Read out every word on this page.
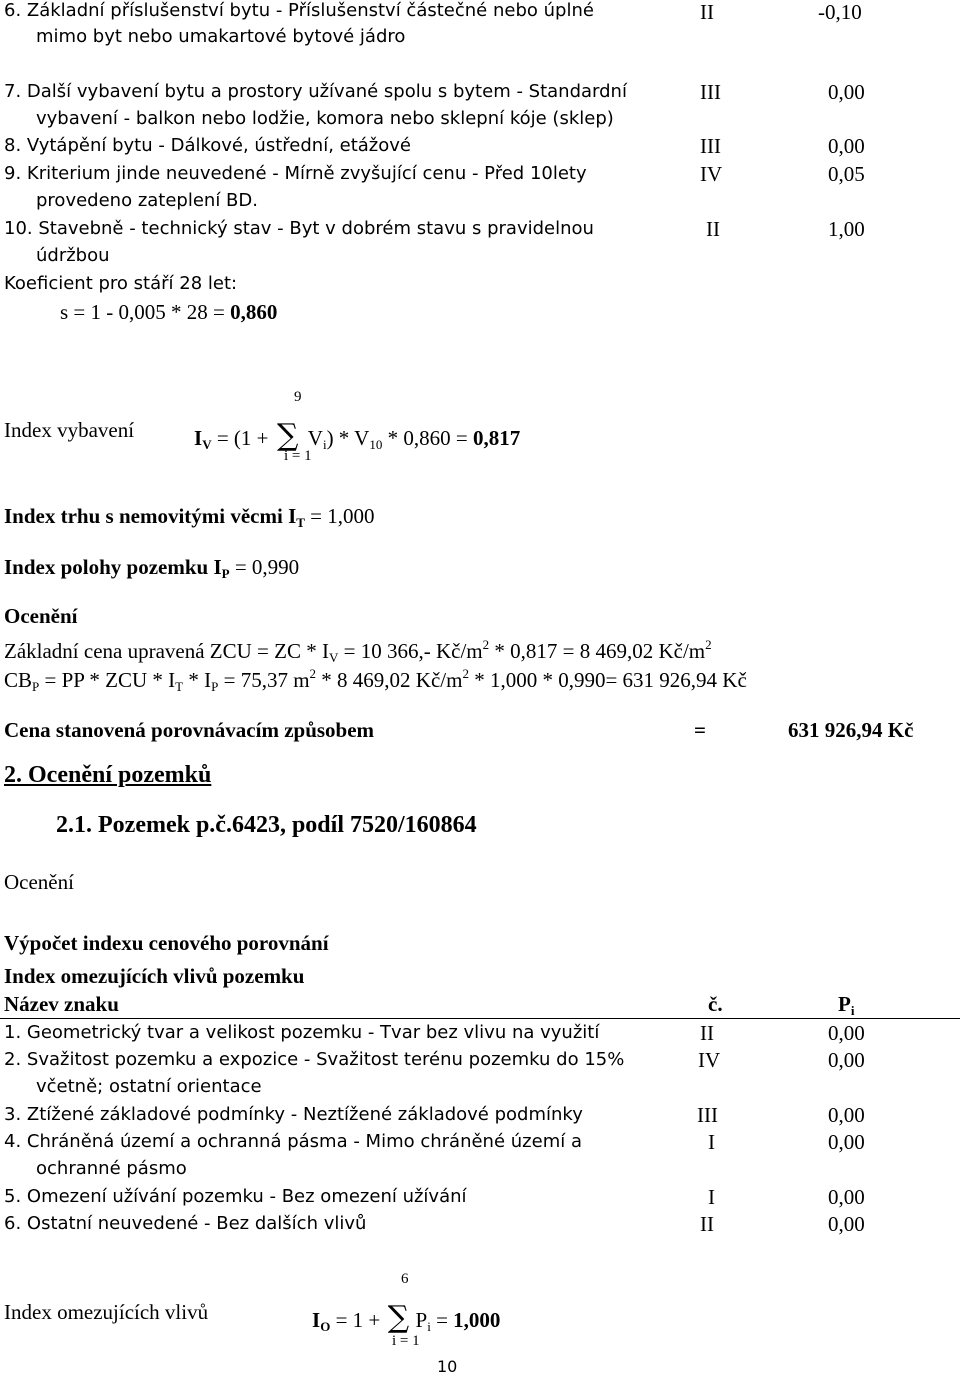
6. Základní příslušenství bytu - Příslušenství částečné nebo úplné
mimo byt nebo umakartové bytové jádro
II	-0,10
7. Další vybavení bytu a prostory užívané spolu s bytem - Standardní
vybavení - balkon nebo lodžie, komora nebo sklepní kóje (sklep)
III	0,00
8. Vytápění bytu - Dálkové, ústřední, etážové	III	0,00
9. Kriterium jinde neuvedené - Mírně zvyšující cenu - Před 10lety
provedeno zateplení BD.
IV	0,05
10. Stavebně - technický stav - Byt v dobrém stavu s pravidelnou
údržbou
II	1,00
Koeficient pro stáří 28 let:
s = 1 - 0,005 * 28 = 0,860
Index vybavení
9
i = 1
$I_V = (1$ + ∑ $V_i) * V_{10} * 0,860 = 0,817$
Index trhu s nemovitými věcmi $I_T = 1,000$
Index polohy pozemku $I_P = 0,990$
Ocenění
Základní cena upravená ZCU = ZC * $I_V = 10$ 366,- $Kč/m^2 * 0,817 = 8$ 469,02 $Kč/m^2$
$CB_P$ = PP * ZCU * $I_T * I_P = 75,37$ $m^2 * 8$ 469,02 $Kč/m^2 * 1,000 * 0,990= 631$ 926,94 Kč
Cena stanovená porovnávacím způsobem	=	631 926,94 Kč
2. Ocenění pozemků
2.1. Pozemek p.č.6423, podíl 7520/160864
Ocenění
Výpočet indexu cenového porovnání
Index omezujících vlivů pozemku
Název znaku	č.	$P_i$
1. Geometrický tvar a velikost pozemku - Tvar bez vlivu na využití	II	0,00
2. Svažitost pozemku a expozice - Svažitost terénu pozemku do 15%
včetně; ostatní orientace
IV	0,00
3. Ztížené základové podmínky - Neztížené základové podmínky	III	0,00
4. Chráněná území a ochranná pásma - Mimo chráněné území a
ochranné pásmo
I	0,00
5. Omezení užívání pozemku - Bez omezení užívání	I	0,00
6. Ostatní neuvedené - Bez dalších vlivů	II	0,00
Index omezujících vlivů
6
i = 1
$I_O = 1$ + ∑ $P_i = 1,000$
10
